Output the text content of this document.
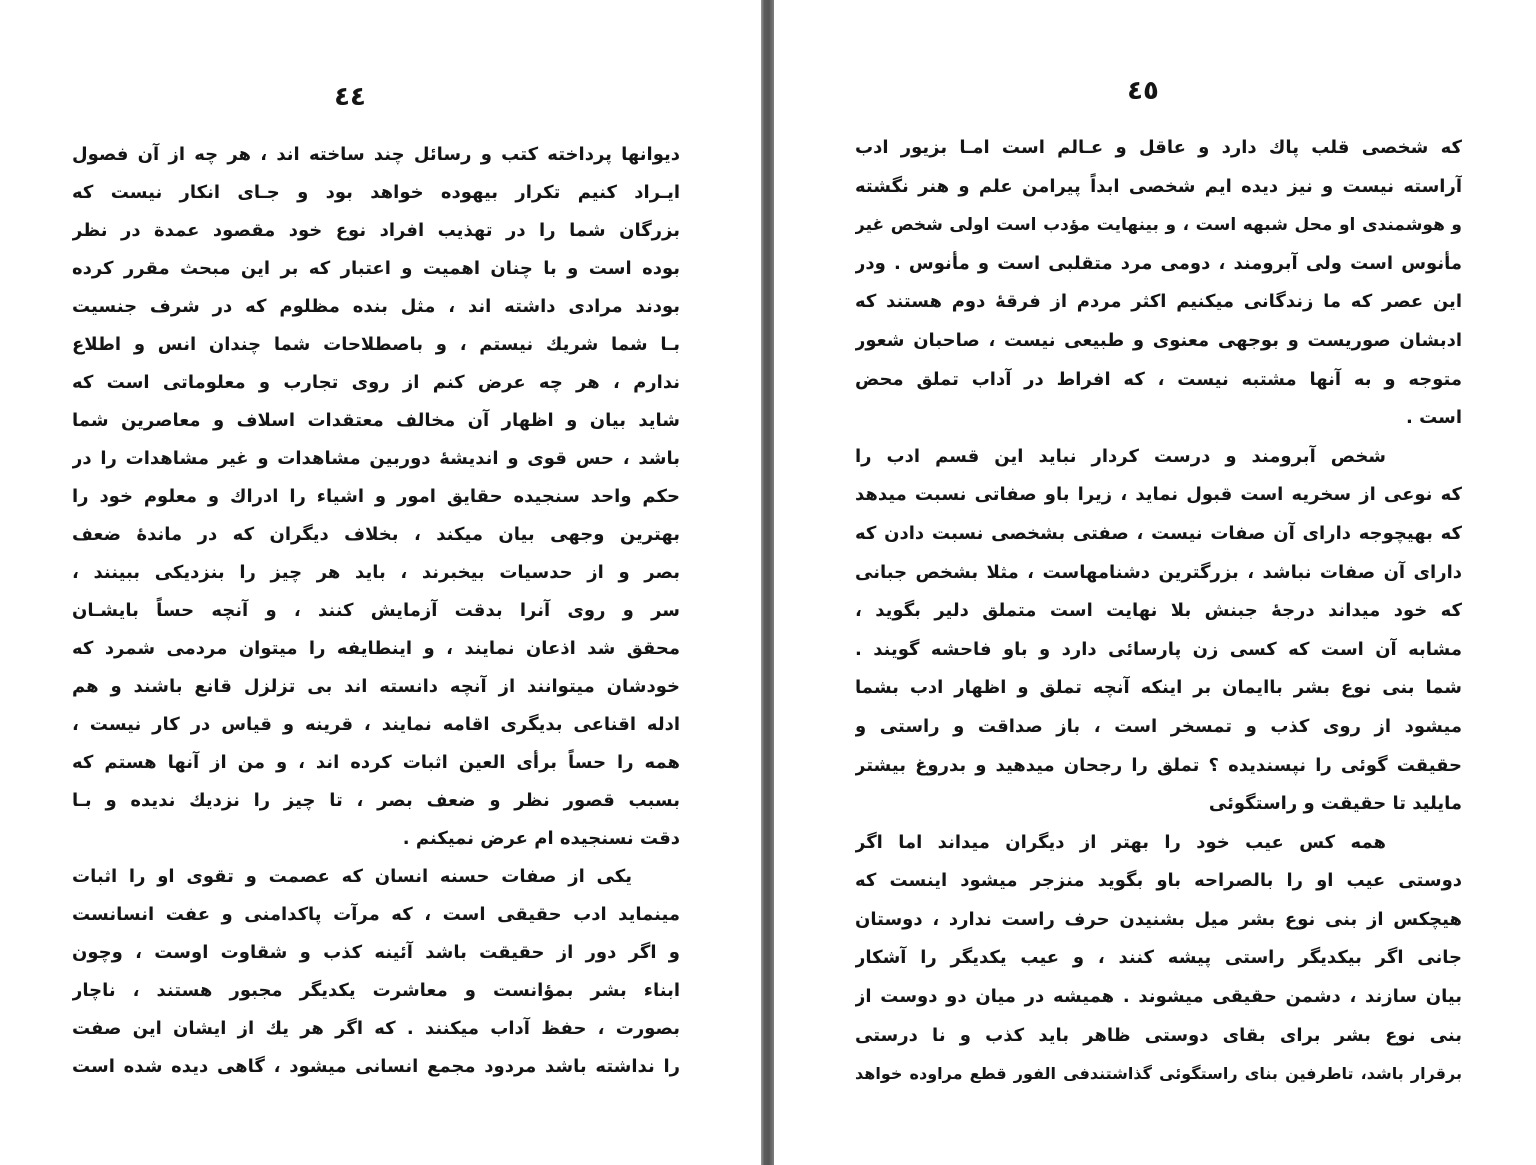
٤٤
دیوانها پرداخته کتب و رسائل چند ساخته اند ، هر چه از آن فصول
ایـراد کنیم تکرار بیهوده خواهد بود و جـای انکار نیست که
بزرگان شما را در تهذیب افراد نوع خود مقصود عمدة در نظر
بوده است و با چنان اهمیت و اعتبار که بر این مبحث مقرر کرده
بودند مرادی داشته اند ، مثل بنده مظلوم که در شرف جنسیت
بـا شما شریك نیستم ، و باصطلاحات شما چندان انس و اطلاع
ندارم ، هر چه عرض کنم از روی تجارب و معلوماتی است که
شاید بیان و اظهار آن مخالف معتقدات اسلاف و معاصرین شما
باشد ، حس قوی و اندیشهٔ دوربین مشاهدات و غیر مشاهدات را در
حکم واحد سنجیده حقایق امور و اشیاء را ادراك و معلوم خود را
بهترین وجهی بیان میکند ، بخلاف دیگران که در ماندهٔ ضعف
بصر و از حدسیات بیخبرند ، باید هر چیز را بنزدیکی ببینند ،
سر و روی آنرا بدقت آزمایش کنند ، و آنچه حساً بایشـان
محقق شد اذعان نمایند ، و اینطایفه را میتوان مردمی شمرد که
خودشان میتوانند از آنچه دانسته اند بی تزلزل قانع باشند و هم
ادله اقناعی بدیگری اقامه نمایند ، قرینه و قیاس در کار نیست ،
همه را حساً برأی العین اثبات کرده اند ، و من از آنها هستم که
بسبب قصور نظر و ضعف بصر ، تا چیز را نزدیك ندیده و بـا
دقت نسنجیده ام عرض نمیکنم .
یکی از صفات حسنه انسان که عصمت و تقوی او را اثبات
مینماید ادب حقیقی است ، که مرآت پاکدامنی و عفت انسانست
و اگر دور از حقیقت باشد آئینه کذب و شقاوت اوست ، وچون
ابناء بشر بمؤانست و معاشرت یکدیگر مجبور هستند ، ناچار
بصورت ، حفظ آداب میکنند . که اگر هر یك از ایشان این صفت
را نداشته باشد مردود مجمع انسانی میشود ، گاهی دیده شده است
٤٥
که شخصی قلب پاك دارد و عاقل و عـالم است امـا بزیور ادب
آراسته نیست و نیز دیده ایم شخصی ابداً پیرامن علم و هنر نگشته
و هوشمندی او محل شبهه است ، و بینهایت مؤدب است اولی شخص غیر
مأنوس است ولی آبرومند ، دومی مرد متقلبی است و مأنوس . ودر
این عصر که ما زندگانی میکنیم اکثر مردم از فرقهٔ دوم هستند که
ادبشان صوریست و بوجهی معنوی و طبیعی نیست ، صاحبان شعور
متوجه و به آنها مشتبه نیست ، که افراط در آداب تملق محض
است .
شخص آبرومند و درست کردار نباید این قسم ادب را
که نوعی از سخریه است قبول نماید ، زیرا باو صفاتی نسبت میدهد
که بهیچوجه دارای آن صفات نیست ، صفتی بشخصی نسبت دادن که
دارای آن صفات نباشد ، بزرگترین دشنامهاست ، مثلا بشخص جبانی
که خود میداند درجهٔ جبنش بلا نهایت است متملق دلیر بگوید ،
مشابه آن است که کسی زن پارسائی دارد و باو فاحشه گویند .
شما بنی نوع بشر باایمان بر اینکه آنچه تملق و اظهار ادب بشما
میشود از روی کذب و تمسخر است ، باز صداقت و راستی و
حقیقت گوئی را نپسندیده ؟ تملق را رجحان میدهید و بدروغ بیشتر
مایلید تا حقیقت و راستگوئی
همه کس عیب خود را بهتر از دیگران میداند اما اگر
دوستی عیب او را بالصراحه باو بگوید منزجر میشود اینست که
هیچکس از بنی نوع بشر میل بشنیدن حرف راست ندارد ، دوستان
جانی اگر بیکدیگر راستی پیشه کنند ، و عیب یکدیگر را آشکار
بیان سازند ، دشمن حقیقی میشوند . همیشه در میان دو دوست از
بنی نوع بشر برای بقای دوستی ظاهر باید کذب و نا درستی
برقرار باشد، تاطرفین بنای راستگوئی گذاشتندفی الفور قطع مراوده خواهد
